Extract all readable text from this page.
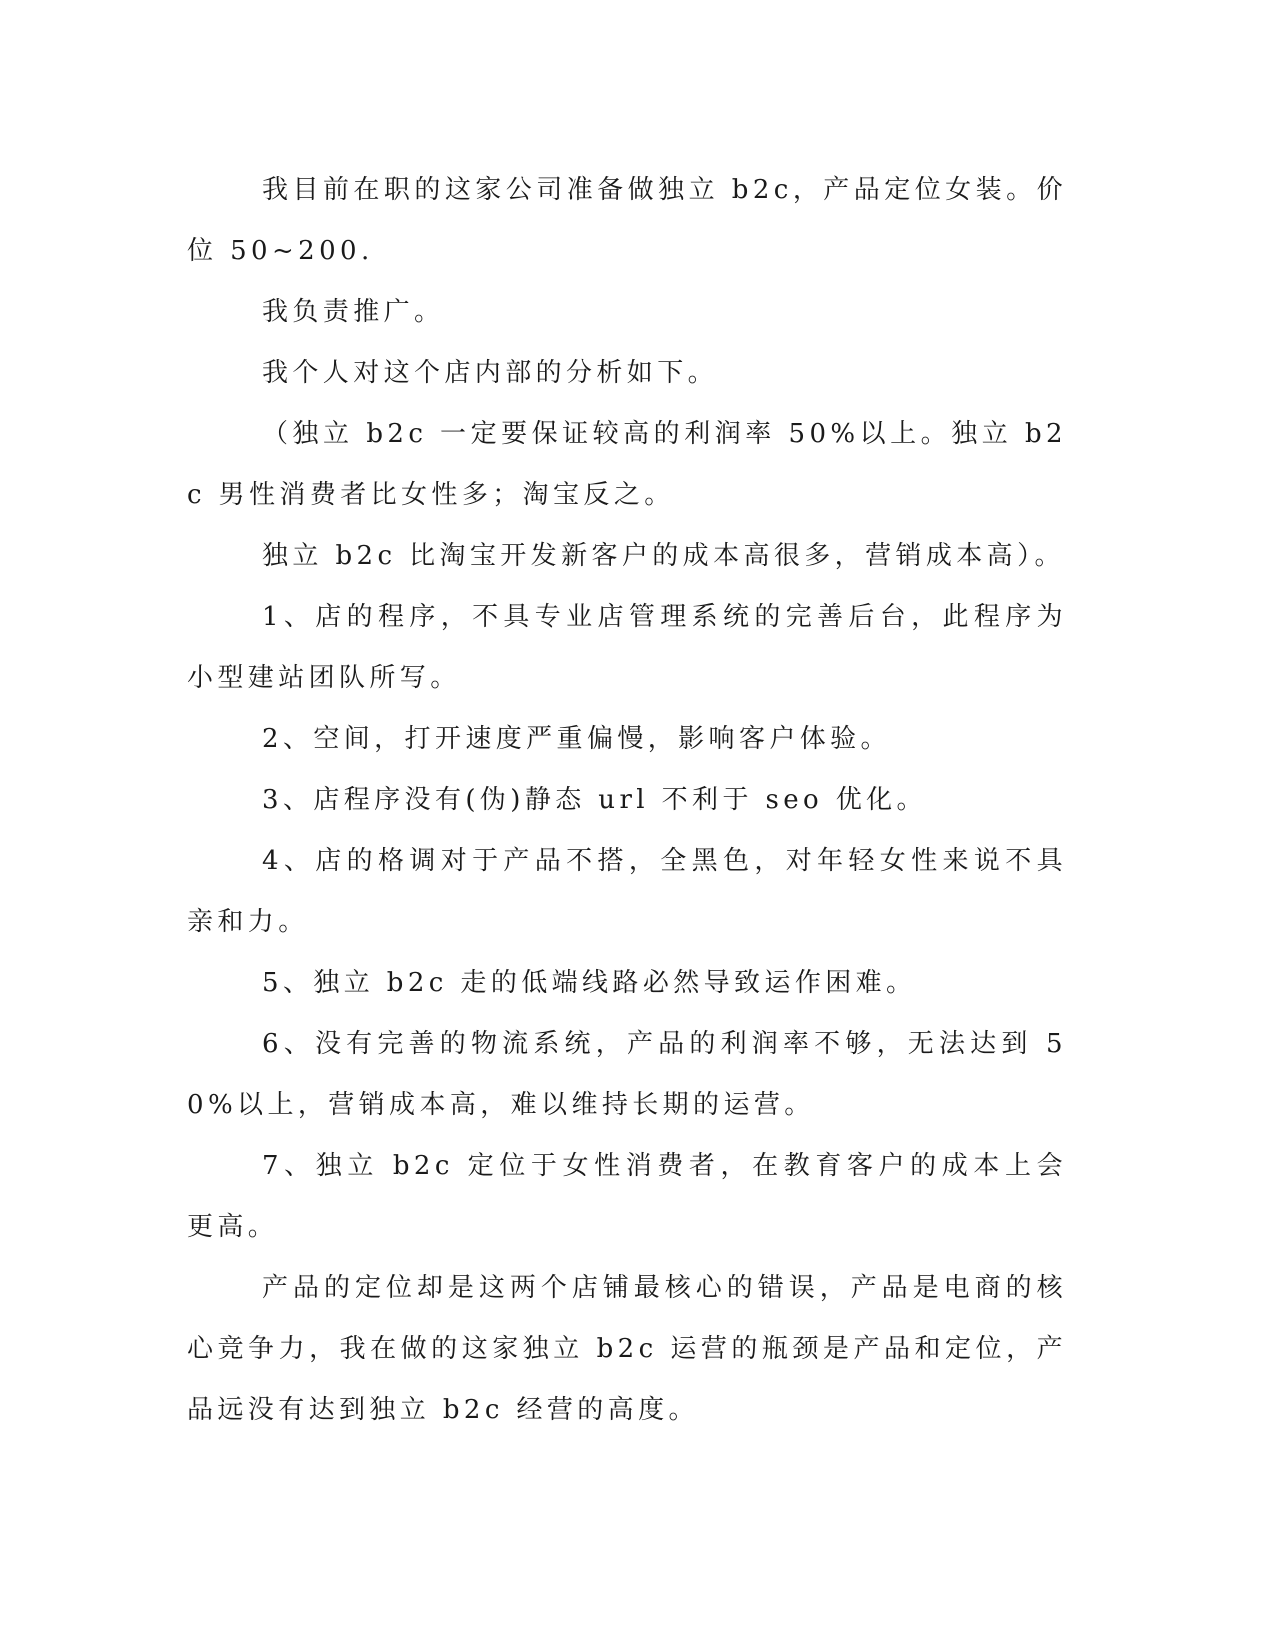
我目前在职的这家公司准备做独立 b2c，产品定位女装。价位 50~200.

我负责推广。

我个人对这个店内部的分析如下。

（独立 b2c 一定要保证较高的利润率 50%以上。独立 b2c 男性消费者比女性多；淘宝反之。

独立 b2c 比淘宝开发新客户的成本高很多，营销成本高）。

1、店的程序，不具专业店管理系统的完善后台，此程序为小型建站团队所写。

2、空间，打开速度严重偏慢，影响客户体验。

3、店程序没有(伪)静态 url 不利于 seo 优化。

4、店的格调对于产品不搭，全黑色，对年轻女性来说不具亲和力。

5、独立 b2c 走的低端线路必然导致运作困难。

6、没有完善的物流系统，产品的利润率不够，无法达到 50%以上，营销成本高，难以维持长期的运营。

7、独立 b2c 定位于女性消费者，在教育客户的成本上会更高。

产品的定位却是这两个店铺最核心的错误，产品是电商的核心竞争力，我在做的这家独立 b2c 运营的瓶颈是产品和定位，产品远没有达到独立 b2c 经营的高度。
